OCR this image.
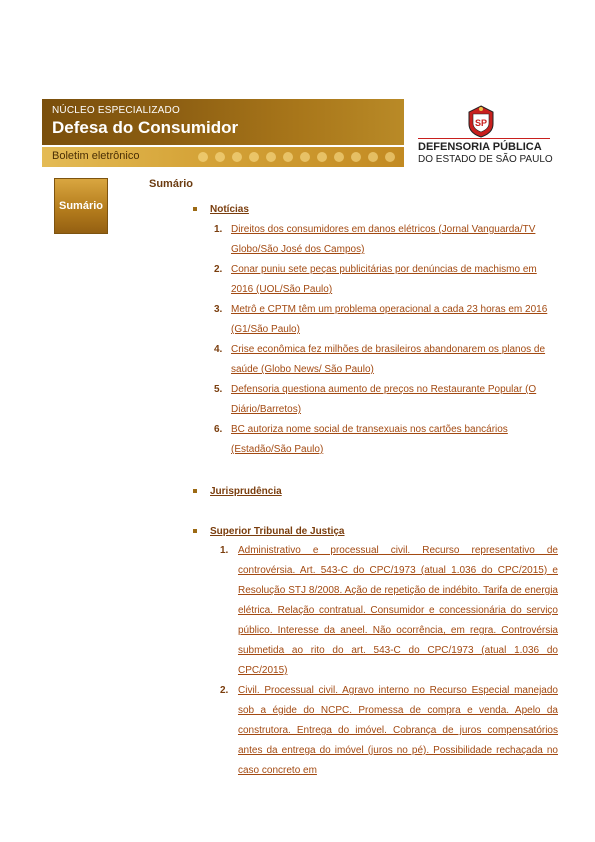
NÚCLEO ESPECIALIZADO
Defesa do Consumidor
Boletim eletrônico
SP
DEFENSORIA PÚBLICA
DO ESTADO DE SÃO PAULO
Sumário
Sumário
Notícias
1. Direitos dos consumidores em danos elétricos (Jornal Vanguarda/TV Globo/São José dos Campos)
2. Conar puniu sete peças publicitárias por denúncias de machismo em 2016 (UOL/São Paulo)
3. Metrô e CPTM têm um problema operacional a cada 23 horas em 2016 (G1/São Paulo)
4. Crise econômica fez milhões de brasileiros abandonarem os planos de saúde (Globo News/ São Paulo)
5. Defensoria questiona aumento de preços no Restaurante Popular (O Diário/Barretos)
6. BC autoriza nome social de transexuais nos cartões bancários (Estadão/São Paulo)
Jurisprudência
Superior Tribunal de Justiça
1. Administrativo e processual civil. Recurso representativo de controvérsia. Art. 543-C do CPC/1973 (atual 1.036 do CPC/2015) e Resolução STJ 8/2008. Ação de repetição de indébito. Tarifa de energia elétrica. Relação contratual. Consumidor e concessionária do serviço público. Interesse da aneel. Não ocorrência, em regra. Controvérsia submetida ao rito do art. 543-C do CPC/1973 (atual 1.036 do CPC/2015)
2. Civil. Processual civil. Agravo interno no Recurso Especial manejado sob a égide do NCPC. Promessa de compra e venda. Apelo da construtora. Entrega do imóvel. Cobrança de juros compensatórios antes da entrega do imóvel (juros no pé). Possibilidade rechaçada no caso concreto em
